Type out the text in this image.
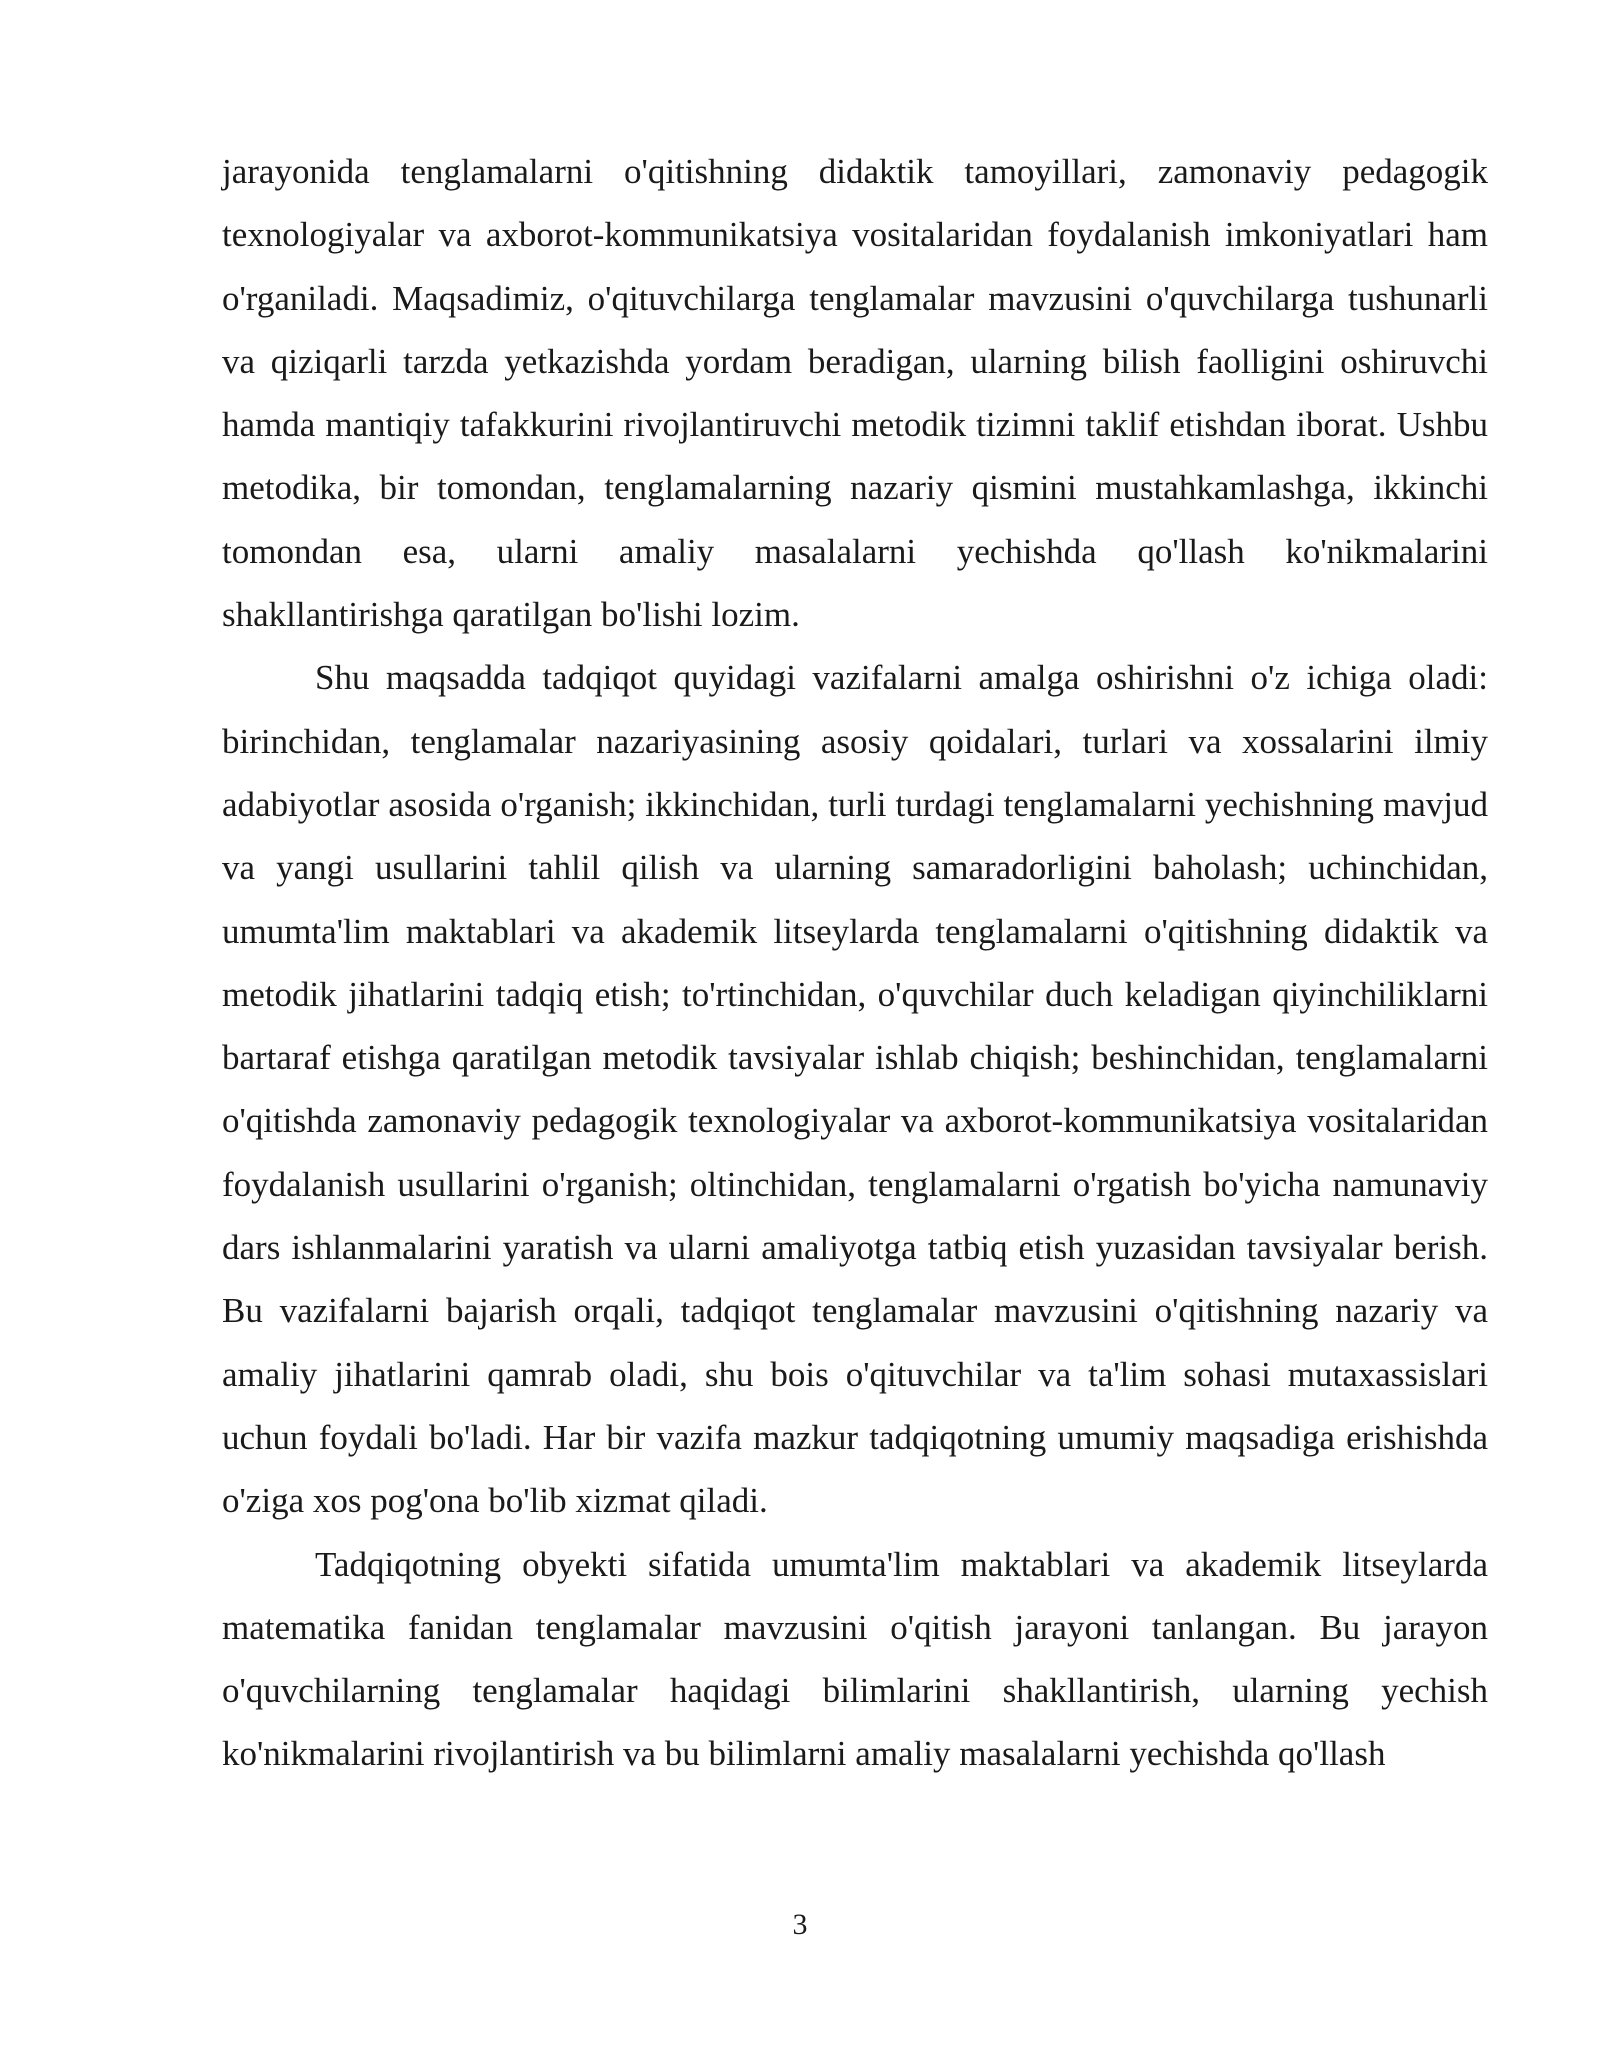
jarayonida tenglamalarni o'qitishning didaktik tamoyillari, zamonaviy pedagogik texnologiyalar va axborot-kommunikatsiya vositalaridan foydalanish imkoniyatlari ham o'rganiladi. Maqsadimiz, o'qituvchilarga tenglamalar mavzusini o'quvchilarga tushunarli va qiziqarli tarzda yetkazishda yordam beradigan, ularning bilish faolligini oshiruvchi hamda mantiqiy tafakkurini rivojlantiruvchi metodik tizimni taklif etishdan iborat. Ushbu metodika, bir tomondan, tenglamalarning nazariy qismini mustahkamlashga, ikkinchi tomondan esa, ularni amaliy masalalarni yechishda qo'llash ko'nikmalarini shakllantirishga qaratilgan bo'lishi lozim.

Shu maqsadda tadqiqot quyidagi vazifalarni amalga oshirishni o'z ichiga oladi: birinchidan, tenglamalar nazariyasining asosiy qoidalari, turlari va xossalarini ilmiy adabiyotlar asosida o'rganish; ikkinchidan, turli turdagi tenglamalarni yechishning mavjud va yangi usullarini tahlil qilish va ularning samaradorligini baholash; uchinchidan, umumta'lim maktablari va akademik litseylarda tenglamalarni o'qitishning didaktik va metodik jihatlarini tadqiq etish; to'rtinchidan, o'quvchilar duch keladigan qiyinchiliklarni bartaraf etishga qaratilgan metodik tavsiyalar ishlab chiqish; beshinchidan, tenglamalarni o'qitishda zamonaviy pedagogik texnologiyalar va axborot-kommunikatsiya vositalaridan foydalanish usullarini o'rganish; oltinchidan, tenglamalarni o'rgatish bo'yicha namunaviy dars ishlanmalarini yaratish va ularni amaliyotga tatbiq etish yuzasidan tavsiyalar berish. Bu vazifalarni bajarish orqali, tadqiqot tenglamalar mavzusini o'qitishning nazariy va amaliy jihatlarini qamrab oladi, shu bois o'qituvchilar va ta'lim sohasi mutaxassislari uchun foydali bo'ladi. Har bir vazifa mazkur tadqiqotning umumiy maqsadiga erishishda o'ziga xos pog'ona bo'lib xizmat qiladi.

Tadqiqotning obyekti sifatida umumta'lim maktablari va akademik litseylarda matematika fanidan tenglamalar mavzusini o'qitish jarayoni tanlangan. Bu jarayon o'quvchilarning tenglamalar haqidagi bilimlarini shakllantirish, ularning yechish ko'nikmalarini rivojlantirish va bu bilimlarni amaliy masalalarni yechishda qo'llash

3
